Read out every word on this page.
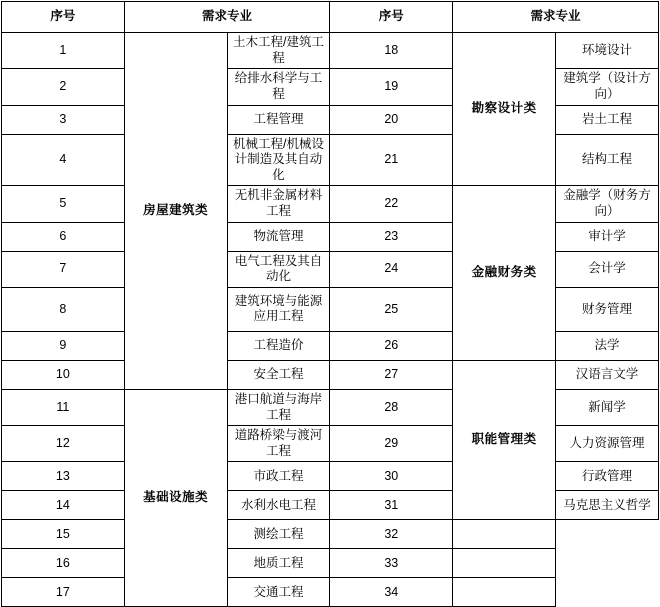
序号	需求专业		序号	需求专业	
1	房屋建筑类	土木工程/建筑工程	18	勘察设计类	环境设计
2		给排水科学与工程	19		建筑学（设计方向）
3		工程管理	20		岩土工程
4		机械工程/机械设计制造及其自动化	21		结构工程
5		无机非金属材料工程	22	金融财务类	金融学（财务方向）
6		物流管理	23		审计学
7		电气工程及其自动化	24		会计学
8		建筑环境与能源应用工程	25		财务管理
9		工程造价	26		法学
10		安全工程	27	职能管理类	汉语言文学
11	基础设施类	港口航道与海岸工程	28		新闻学
12		道路桥梁与渡河工程	29		人力资源管理
13		市政工程	30		行政管理
14		水利水电工程	31		马克思主义哲学
15		测绘工程	32		
16		地质工程	33		
17		交通工程	34		
